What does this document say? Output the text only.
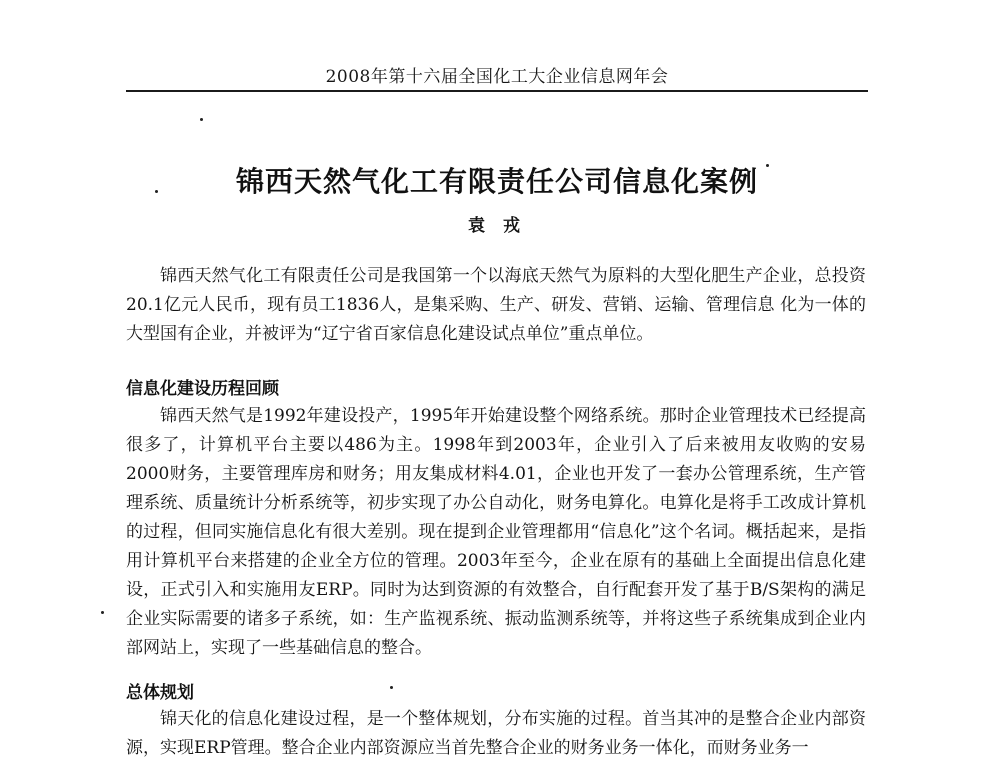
2008年第十六届全国化工大企业信息网年会
锦西天然气化工有限责任公司信息化案例
袁 戎

锦西天然气化工有限责任公司是我国第一个以海底天然气为原料的大型化肥生产企业，总投资20.1亿元人民币，现有员工1836人，是集采购、生产、研发、营销、运输、管理信息 化为一体的大型国有企业，并被评为“辽宁省百家信息化建设试点单位”重点单位。

信息化建设历程回顾

锦西天然气是1992年建设投产，1995年开始建设整个网络系统。那时企业管理技术已经提高很多了，计算机平台主要以486为主。1998年到2003年，企业引入了后来被用友收购的安易2000财务，主要管理库房和财务；用友集成材料4.01，企业也开发了一套办公管理系统，生产管理系统、质量统计分析系统等，初步实现了办公自动化，财务电算化。电算化是将手工改成计算机的过程，但同实施信息化有很大差别。现在提到企业管理都用“信息化”这个名词。概括起来，是指用计算机平台来搭建的企业全方位的管理。2003年至今，企业在原有的基础上全面提出信息化建设，正式引入和实施用友ERP。同时为达到资源的有效整合，自行配套开发了基于B/S架构的满足企业实际需要的诸多子系统，如：生产监视系统、振动监测系统等，并将这些子系统集成到企业内部网站上，实现了一些基础信息的整合。

总体规划

锦天化的信息化建设过程，是一个整体规划，分布实施的过程。首当其冲的是整合企业内部资源，实现ERP管理。整合企业内部资源应当首先整合企业的财务业务一体化，而财务业务一
